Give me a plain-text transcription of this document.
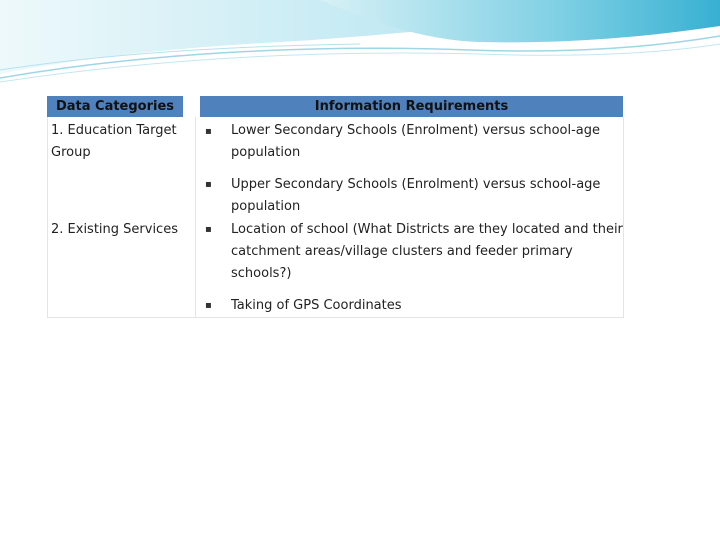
Data Categories	Information Requirements
1. Education Target Group
2. Existing Services
▪ Lower Secondary Schools (Enrolment) versus school-age population
▪ Upper Secondary Schools (Enrolment) versus school-age population
▪ Location of school (What Districts are they located and their catchment areas/village clusters and feeder primary schools?)
▪ Taking of GPS Coordinates
